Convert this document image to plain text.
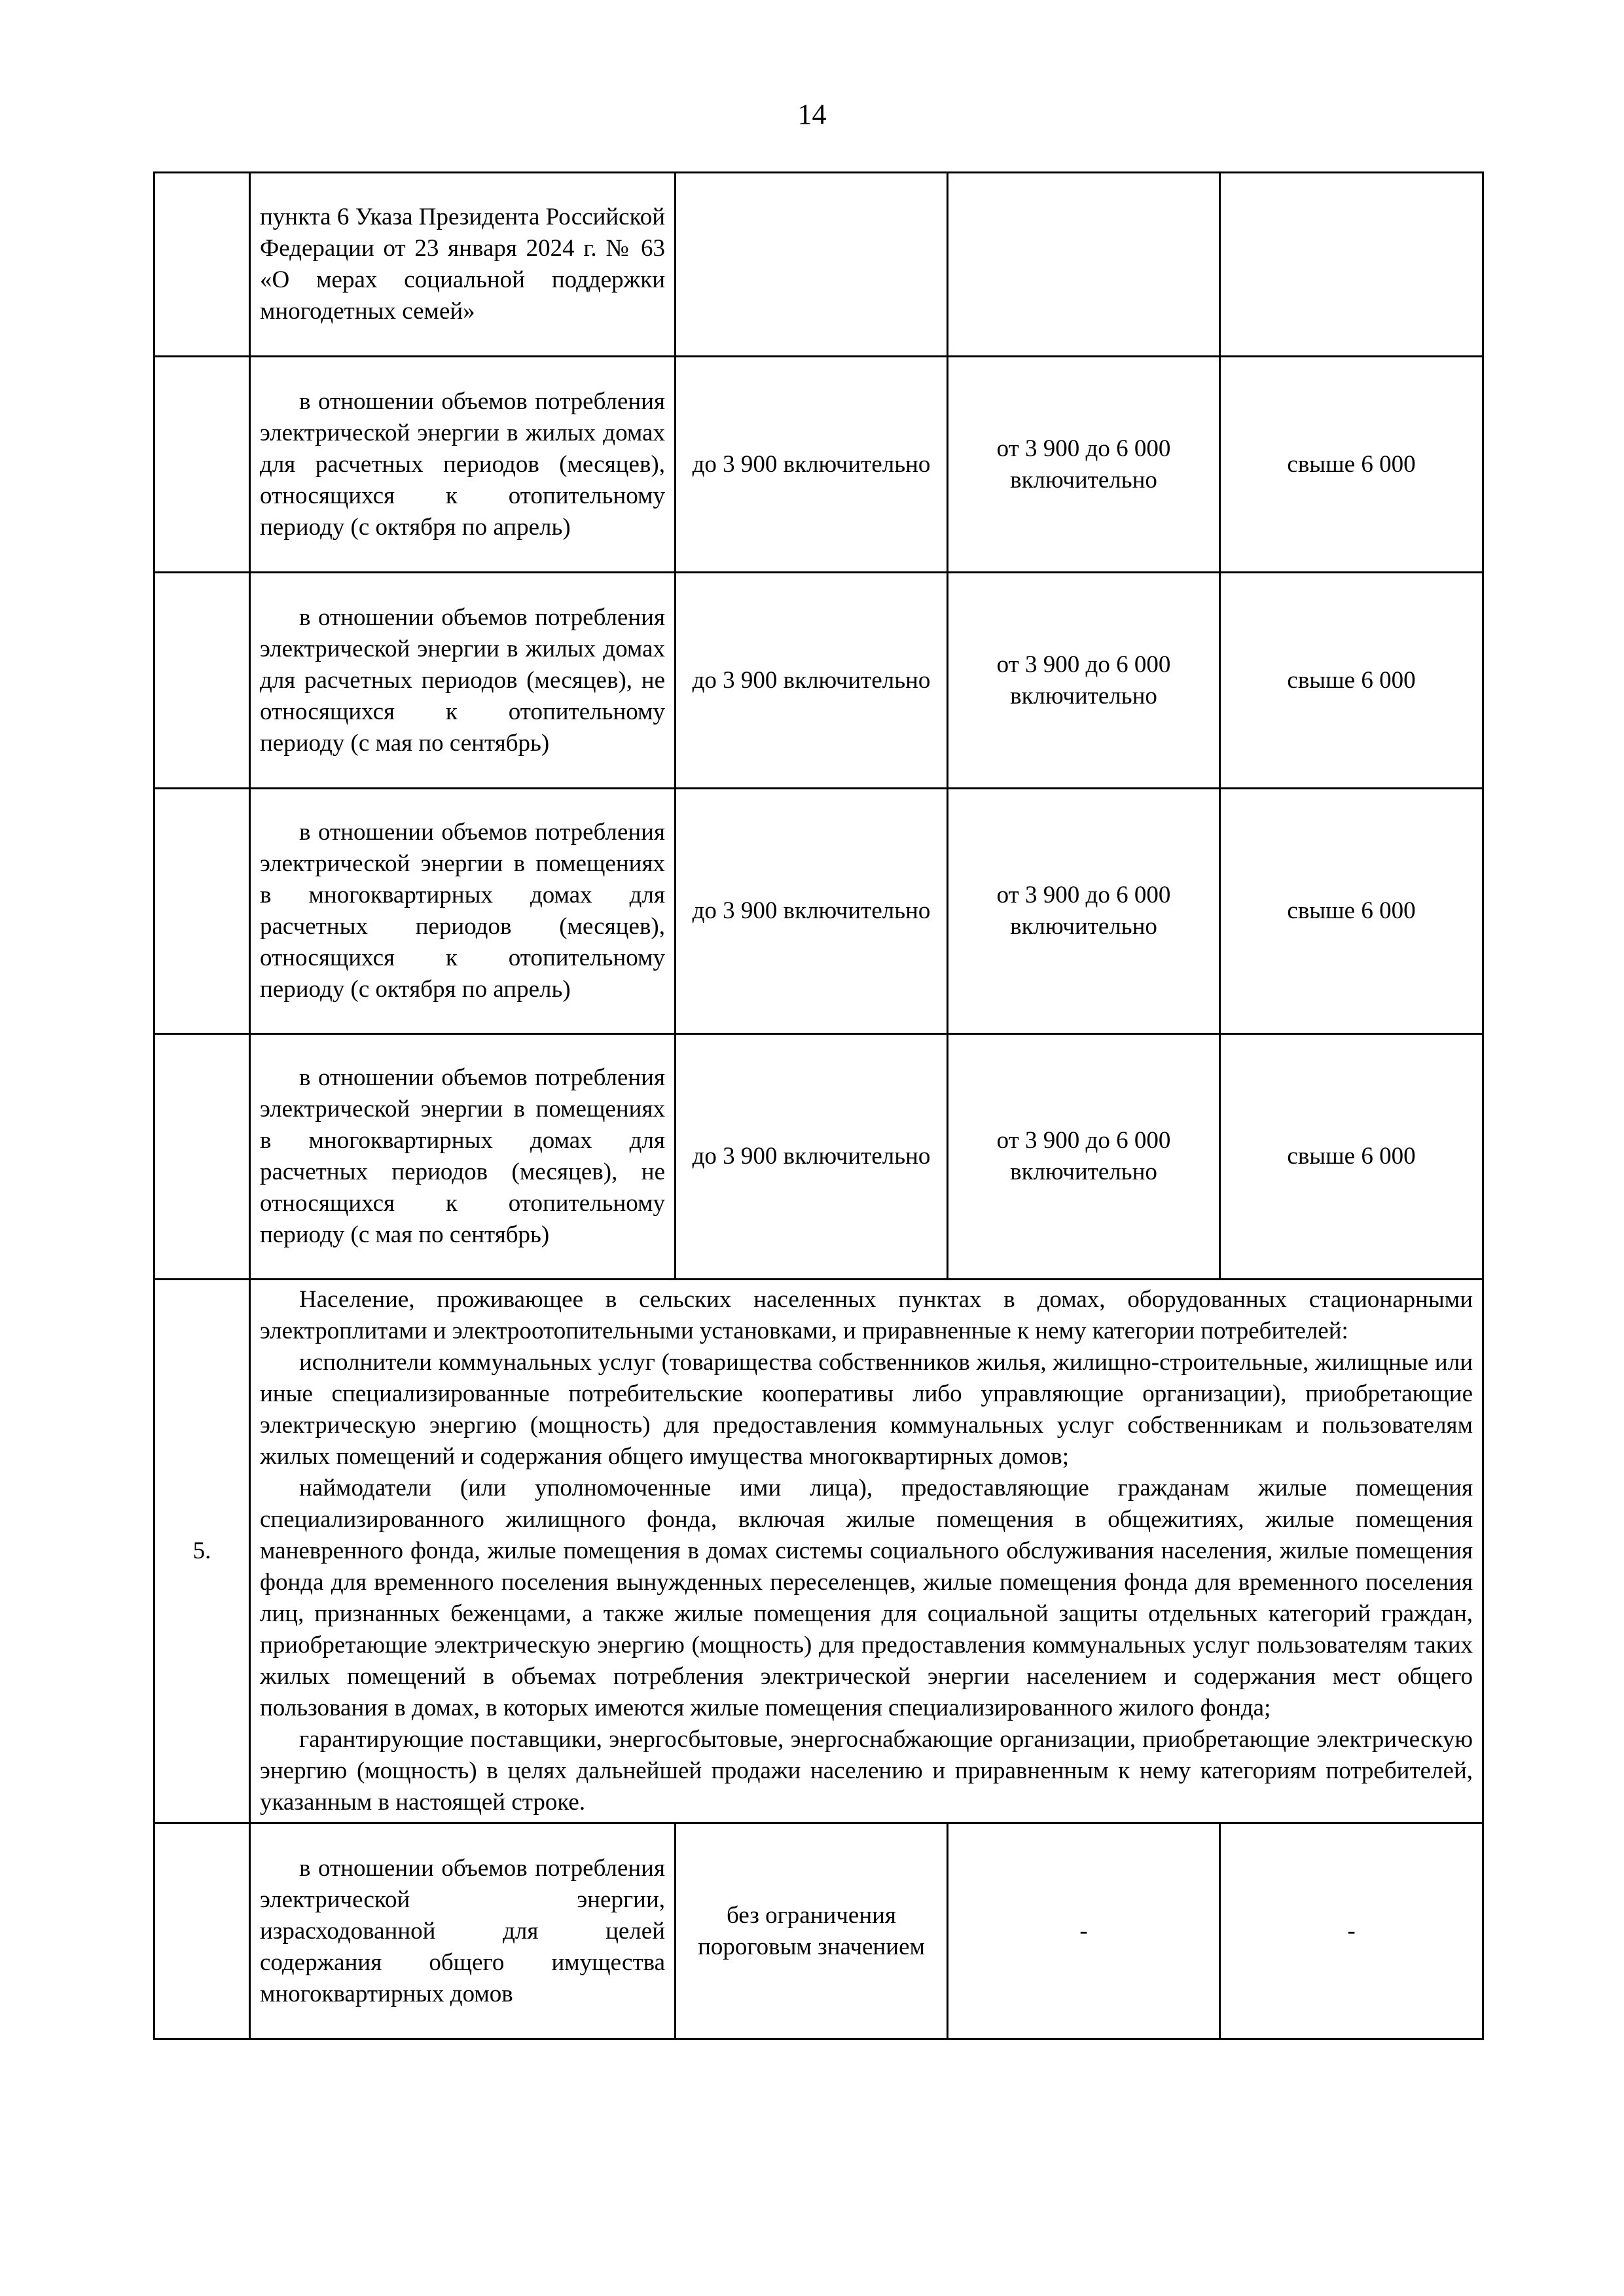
14
	пункта 6 Указа Президента Российской Федерации от 23 января 2024 г. № 63 «О мерах социальной поддержки многодетных семей»			
	в отношении объемов потребления электрической энергии в жилых домах для расчетных периодов (месяцев), относящихся к отопительному периоду (с октября по апрель)	до 3 900 включительно	от 3 900 до 6 000 включительно	свыше 6 000
	в отношении объемов потребления электрической энергии в жилых домах для расчетных периодов (месяцев), не относящихся к отопительному периоду (с мая по сентябрь)	до 3 900 включительно	от 3 900 до 6 000 включительно	свыше 6 000
	в отношении объемов потребления электрической энергии в помещениях в многоквартирных домах для расчетных периодов (месяцев), относящихся к отопительному периоду (с октября по апрель)	до 3 900 включительно	от 3 900 до 6 000 включительно	свыше 6 000
	в отношении объемов потребления электрической энергии в помещениях в многоквартирных домах для расчетных периодов (месяцев), не относящихся к отопительному периоду (с мая по сентябрь)	до 3 900 включительно	от 3 900 до 6 000 включительно	свыше 6 000
5.	Население, проживающее в сельских населенных пунктах в домах, оборудованных стационарными электроплитами и электроотопительными установками, и приравненные к нему категории потребителей:

исполнители коммунальных услуг (товарищества собственников жилья, жилищно-строительные, жилищные или иные специализированные потребительские кооперативы либо управляющие организации), приобретающие электрическую энергию (мощность) для предоставления коммунальных услуг собственникам и пользователям жилых помещений и содержания общего имущества многоквартирных домов;

наймодатели (или уполномоченные ими лица), предоставляющие гражданам жилые помещения специализированного жилищного фонда, включая жилые помещения в общежитиях, жилые помещения маневренного фонда, жилые помещения в домах системы социального обслуживания населения, жилые помещения фонда для временного поселения вынужденных переселенцев, жилые помещения фонда для временного поселения лиц, признанных беженцами, а также жилые помещения для социальной защиты отдельных категорий граждан, приобретающие электрическую энергию (мощность) для предоставления коммунальных услуг пользователям таких жилых помещений в объемах потребления электрической энергии населением и содержания мест общего пользования в домах, в которых имеются жилые помещения специализированного жилого фонда;

гарантирующие поставщики, энергосбытовые, энергоснабжающие организации, приобретающие электрическую энергию (мощность) в целях дальнейшей продажи населению и приравненным к нему категориям потребителей, указанным в настоящей строке.			

	в отношении объемов потребления электрической энергии, израсходованной для целей содержания общего имущества многоквартирных домов	без ограничения пороговым значением	-	-
